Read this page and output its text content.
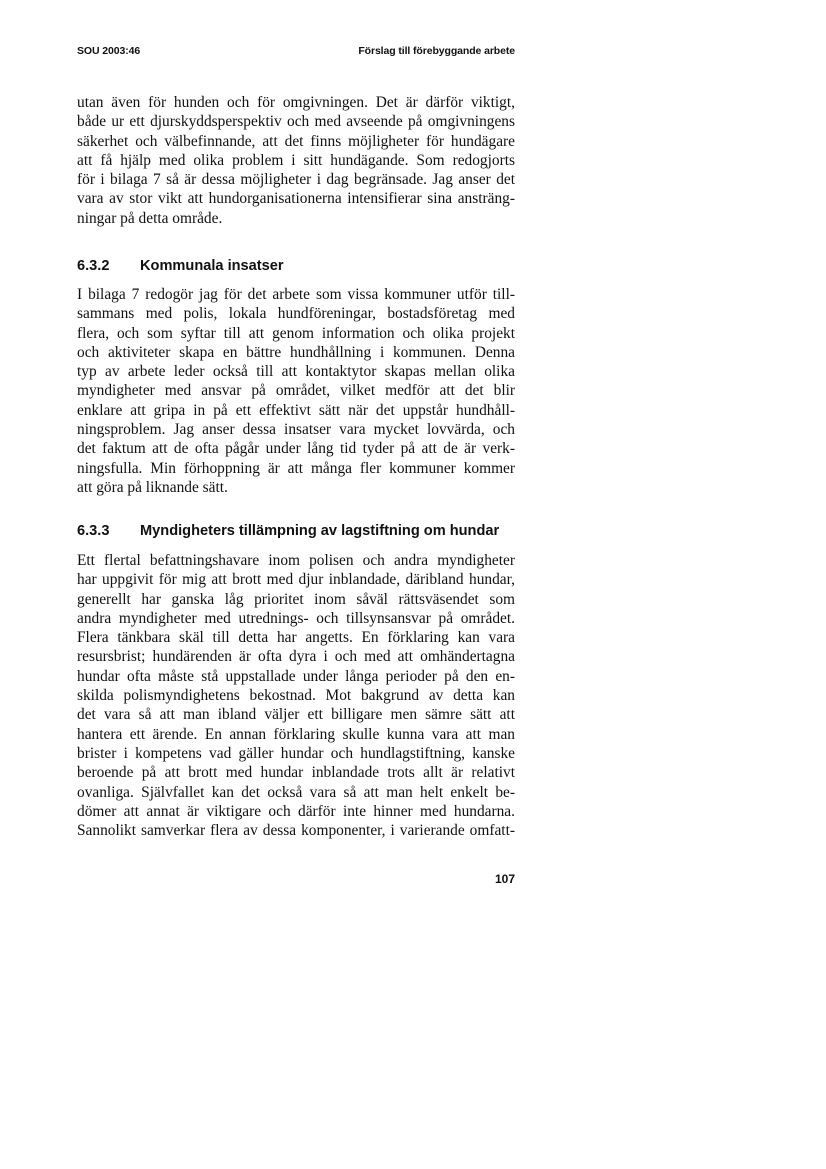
SOU 2003:46	Förslag till förebyggande arbete
utan även för hunden och för omgivningen. Det är därför viktigt,
både ur ett djurskyddsperspektiv och med avseende på omgivningens
säkerhet och välbefinnande, att det finns möjligheter för hundägare
att få hjälp med olika problem i sitt hundägande. Som redogjorts
för i bilaga 7 så är dessa möjligheter i dag begränsade. Jag anser det
vara av stor vikt att hundorganisationerna intensifierar sina ansträng-
ningar på detta område.
6.3.2 Kommunala insatser
I bilaga 7 redogör jag för det arbete som vissa kommuner utför till-
sammans med polis, lokala hundföreningar, bostadsföretag med
flera, och som syftar till att genom information och olika projekt
och aktiviteter skapa en bättre hundhållning i kommunen. Denna
typ av arbete leder också till att kontaktytor skapas mellan olika
myndigheter med ansvar på området, vilket medför att det blir
enklare att gripa in på ett effektivt sätt när det uppstår hundhåll-
ningsproblem. Jag anser dessa insatser vara mycket lovvärda, och
det faktum att de ofta pågår under lång tid tyder på att de är verk-
ningsfulla. Min förhoppning är att många fler kommuner kommer
att göra på liknande sätt.
6.3.3 Myndigheters tillämpning av lagstiftning om hundar
Ett flertal befattningshavare inom polisen och andra myndigheter
har uppgivit för mig att brott med djur inblandade, däribland hundar,
generellt har ganska låg prioritet inom såväl rättsväsendet som
andra myndigheter med utrednings- och tillsynsansvar på området.
Flera tänkbara skäl till detta har angetts. En förklaring kan vara
resursbrist; hundärenden är ofta dyra i och med att omhändertagna
hundar ofta måste stå uppstallade under långa perioder på den en-
skilda polismyndighetens bekostnad. Mot bakgrund av detta kan
det vara så att man ibland väljer ett billigare men sämre sätt att
hantera ett ärende. En annan förklaring skulle kunna vara att man
brister i kompetens vad gäller hundar och hundlagstiftning, kanske
beroende på att brott med hundar inblandade trots allt är relativt
ovanliga. Självfallet kan det också vara så att man helt enkelt be-
dömer att annat är viktigare och därför inte hinner med hundarna.
Sannolikt samverkar flera av dessa komponenter, i varierande omfatt-
107
